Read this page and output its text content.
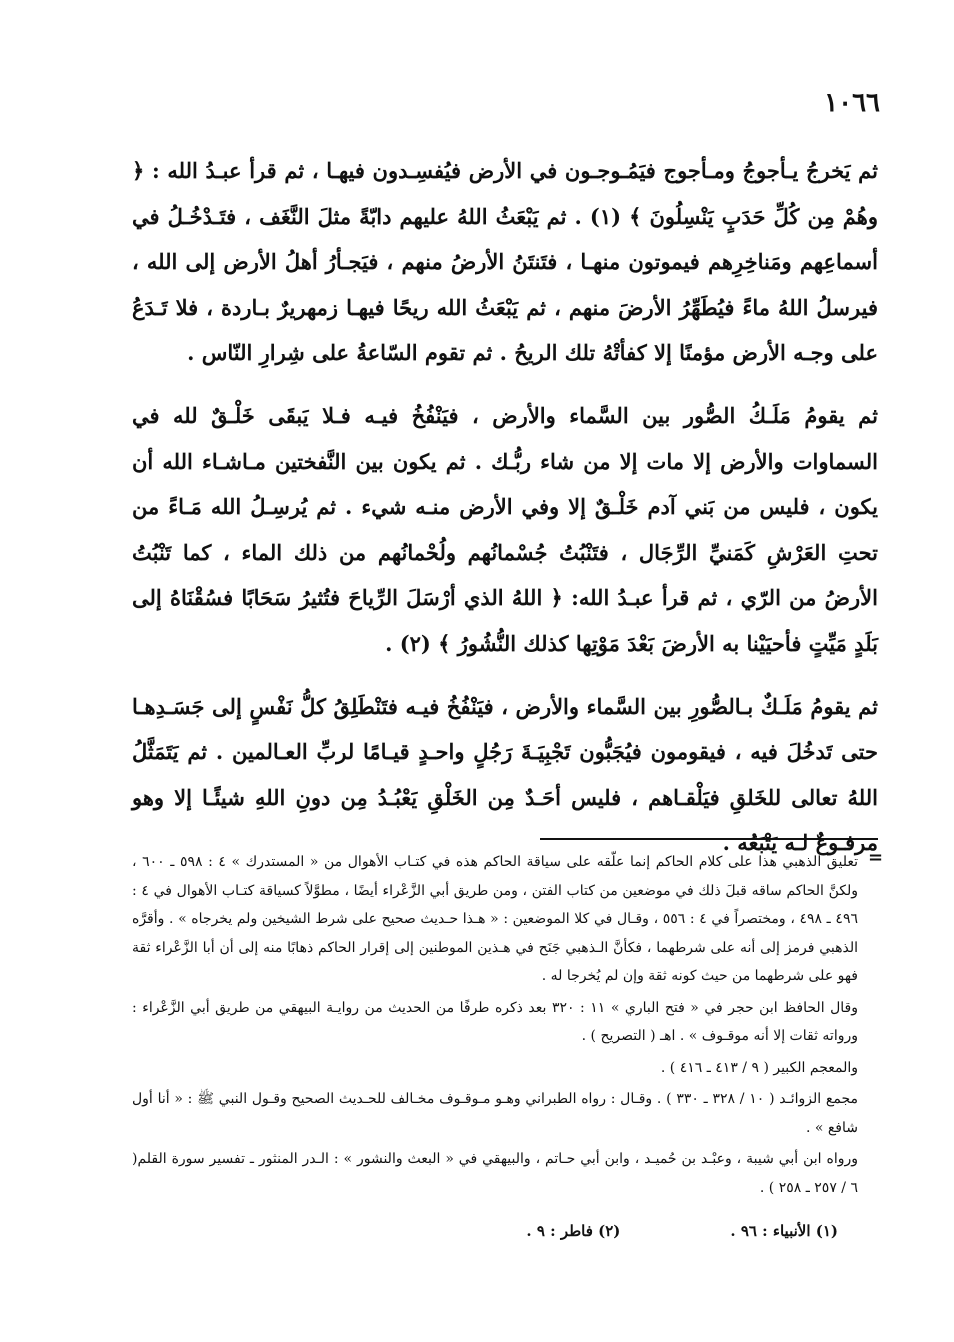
١٠٦٦

ثم يَخرجُ يـأجوجُ ومـأجوج فيَمُـوجـون في الأرض فيُفسِـدون فيهـا ، ثم قرأ عبـدُ الله : ﴿ وهُمْ مِن كُلِّ حَدَبٍ يَنْسِلُونَ ﴾ (١) . ثم يَبْعَثُ اللهُ عليهم دابّةً مثلَ النَّغَف ، فتَـدْخُـلُ في أسماعِهم ومَناخِرِهم فيموتون منهـا ، فتَنتَنُ الأرضُ منهم ، فيَجـأرُ أهلُ الأرض إلى الله ، فيرسلُ اللهُ ماءً فيُطَهِّرُ الأرضَ منهم ، ثم يَبْعَثُ الله ريحًا فيهـا زمهريرٌ بـاردة ، فلا تَـدَعُ على وجـه الأرض مؤمنًا إلا كفأتْهُ تلك الريحُ . ثم تقوم السّاعةُ على شِرارِ النّاس .

ثم يقومُ مَلَـكُ الصُّور بين السَّماء والأرض ، فيَنْفُخُ فيـه فـلا يَبقَى خَلْـقٌ لله في السماوات والأرض إلا مات إلا من شاء ربُّـك . ثم يكون بين النَّفختين مـاشـاء الله أن يكون ، فليس من بَني آدم خَلْـقٌ إلا وفي الأرض منـه شيء . ثم يُرسِـلُ الله مَـاءً من تحتِ العَرْشِ كَمَنيِّ الرِّجَال ، فتَنْبُتُ جُسْمانُهم ولُحْمانُهم من ذلك الماء ، كما تَنْبُتُ الأرضُ من الرّي ، ثم قرأ عبـدُ الله: ﴿ اللهُ الذي أرْسَلَ الرِّياحَ فتُثيرُ سَحَابًا فسُقْنَاهُ إلى بَلَدٍ مَيِّتٍ فأحيَيْنا به الأرضَ بَعْدَ مَوْتِها كذلك النُّشُورُ ﴾ (٢) .

ثم يقومُ مَلَـكٌ بـالصُّورِ بين السَّماء والأرض ، فيَنْفُخُ فيـه فتَنْطَلِقُ كلُّ نَفْسٍ إلى جَسَـدِهـا حتى تَدخُلَ فيه ، فيقومون فيُجَبُّون تَجْبِيَـةَ رَجُلٍ واحـدٍ قيـامًا لربِّ العـالمين . ثم يَتَمَثَّلُ اللهُ تعالى للخَلقِ فيَلْقـاهم ، فليس أحَـدٌ مِن الخَلْقِ يَعْبُـدُ مِن دونِ اللهِ شيئًـا إلا وهو مرفـوعٌ لـه يَتْبَعُه .

=

تعليق الذهبي هذا على كلام الحاكم إنما علّقه على سياقة الحاكم هذه في كتـاب الأهوال من « المستدرك » ٤ : ٥٩٨ ـ ٦٠٠ ، ولكنَّ الحاكم ساقه قبلَ ذلك في موضعين من كتاب الفتن ، ومن طريق أبي الزَّعْراء أيضًا ، مطوَّلاً كسياقة كتـاب الأهوال في ٤ : ٤٩٦ ـ ٤٩٨ ، ومختصراً في ٤ : ٥٥٦ ، وقـال في كلا الموضعين : « هـذا حـديث صحيح على شرط الشيخين ولم يخرجاه » . وأقرَّه الذهبي فرمز إلى أنه على شرطهما ، فكأنَّ الـذهبي جَنَح في هـذين الموطنين إلى إقرار الحاكم ذهابًا منه إلى أن أبا الزَّعْراء ثقة فهو على شرطهما من حيث كونه ثقة وإن لم يُخرجا له .

وقال الحافظ ابن حجر في « فتح الباري » ١١ : ٣٢٠ بعد ذكره طرفًا من الحديث من روايـة البيهقي من طريق أبي الزَّعْراء : ورواته ثقات إلا أنه موقـوف » . اهـ ( التصريح ) .

والمعجم الكبير ( ٩ / ٤١٣ ـ ٤١٦ ) .

مجمع الزوائـد ( ١٠ / ٣٢٨ ـ ٣٣٠ ) . وقـال : رواه الطبراني وهـو مـوقـوف مخـالف للحـديث الصحيح وقـول النبي ﷺ : « أنا أول شافع » .

ورواه ابن أبي شيبة ، وعبْـد بن حُميـد ، وابن أبي حـاتم ، والبيهقي في « البعث والنشور » : الـدر المنثور ـ تفسير سورة القلم( ٦ / ٢٥٧ ـ ٢٥٨ ) .

(١) الأنبياء : ٩٦ .
(٢) فاطر : ٩ .
